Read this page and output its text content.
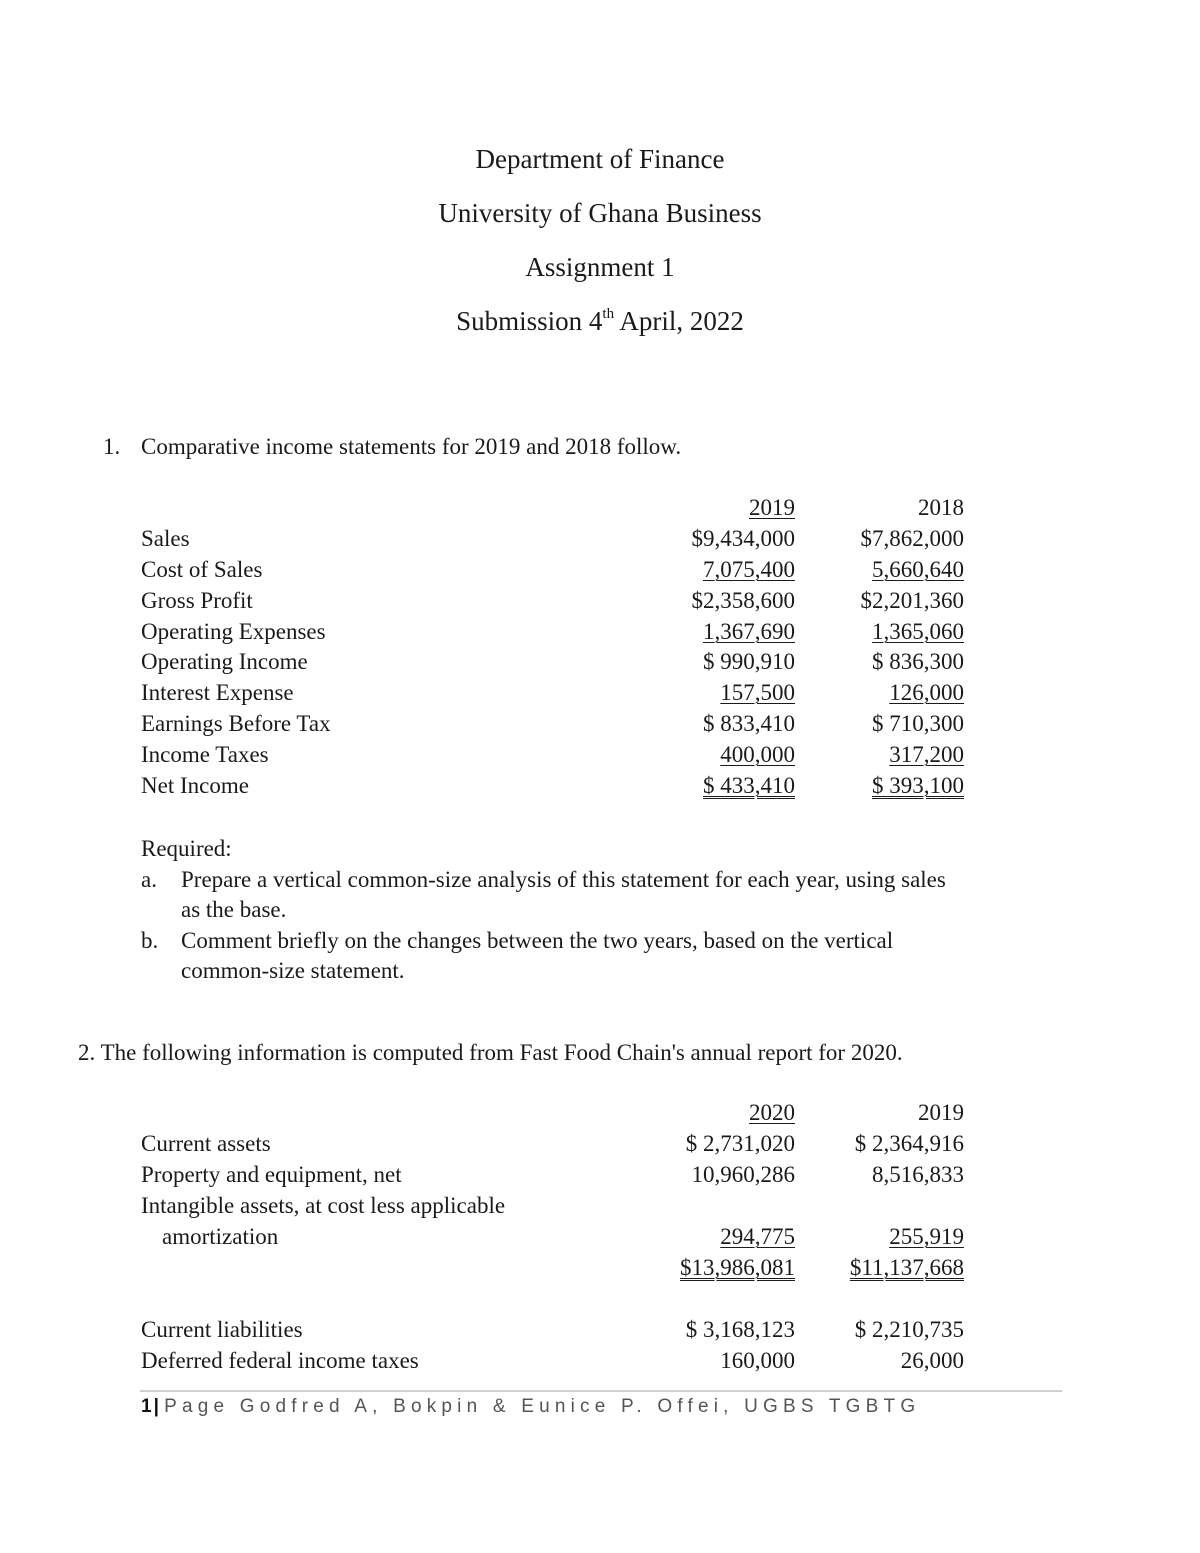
Department of Finance
University of Ghana Business
Assignment 1
Submission 4th April, 2022
1. Comparative income statements for 2019 and 2018 follow.
2019	2018
Sales	$9,434,000	$7,862,000
Cost of Sales	7,075,400	5,660,640
Gross Profit	$2,358,600	$2,201,360
Operating Expenses	1,367,690	1,365,060
Operating Income	$ 990,910	$ 836,300
Interest Expense	157,500	126,000
Earnings Before Tax	$ 833,410	$ 710,300
Income Taxes	400,000	317,200
Net Income	$ 433,410	$ 393,100
Required:
a. Prepare a vertical common-size analysis of this statement for each year, using sales as the base.
b. Comment briefly on the changes between the two years, based on the vertical common-size statement.
2. The following information is computed from Fast Food Chain's annual report for 2020.
2020	2019
Current assets	$ 2,731,020	$ 2,364,916
Property and equipment, net	10,960,286	8,516,833
Intangible assets, at cost less applicable
amortization	294,775	255,919
$13,986,081 $11,137,668
Current liabilities	$ 3,168,123	$ 2,210,735
Deferred federal income taxes	160,000	26,000
1|Page Godfred A, Bokpin & Eunice P. Offei, UGBS TGBTG
